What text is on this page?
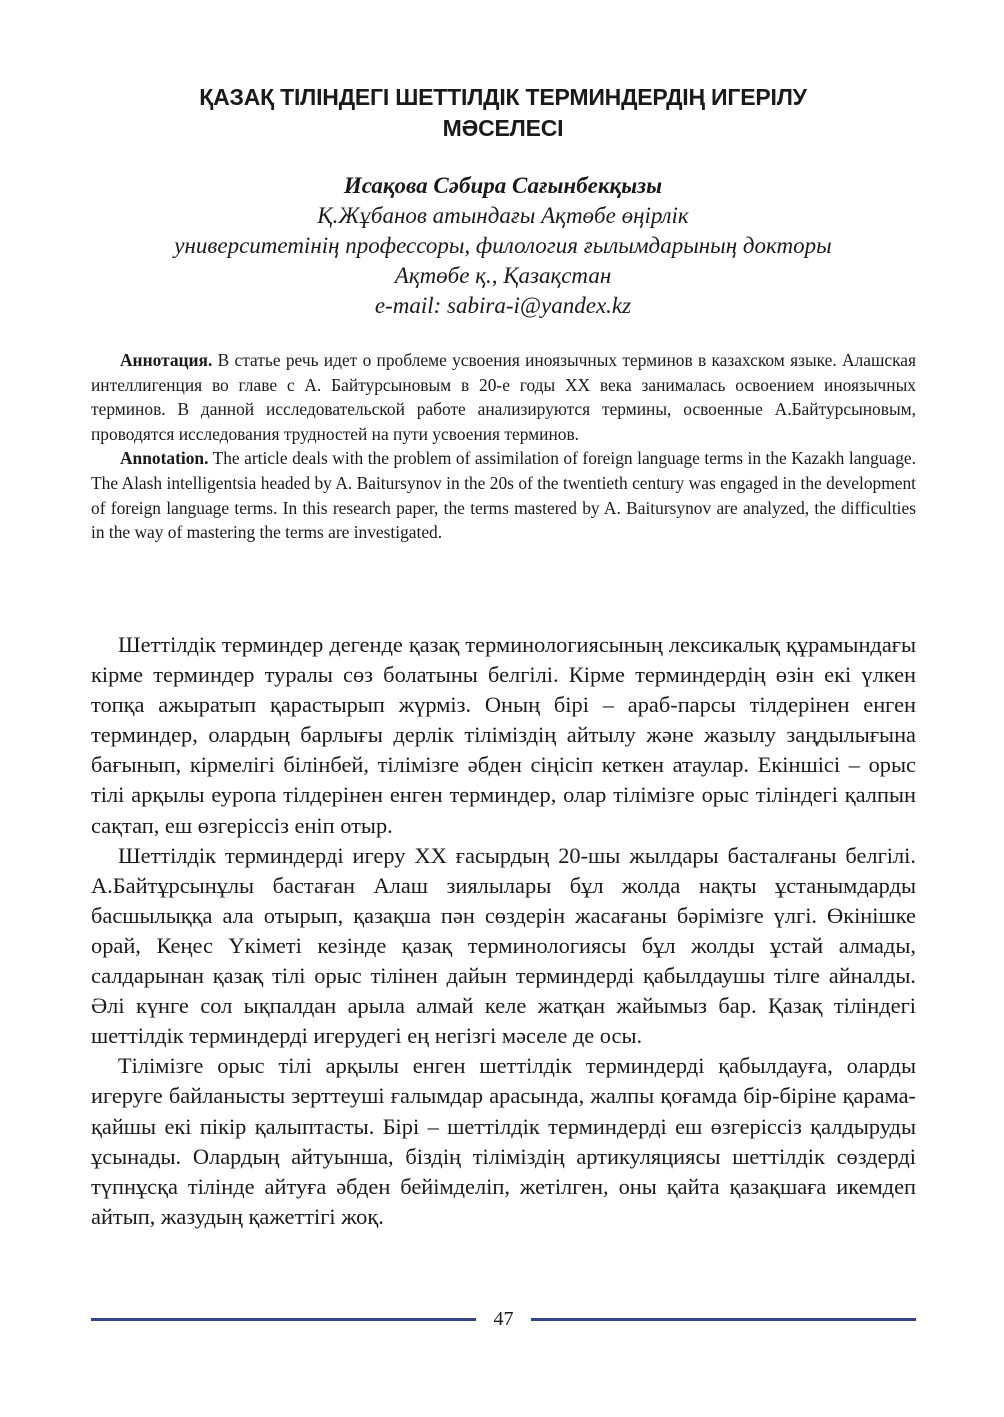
ҚАЗАҚ ТІЛІНДЕГІ ШЕТТІЛДІК ТЕРМИНДЕРДІҢ ИГЕРІЛУ
МӘСЕЛЕСІ
Исақова Сәбира Сағынбекқызы
Қ.Жұбанов атындағы Ақтөбе өңірлік
университетінің профессоры, филология ғылымдарының докторы
Ақтөбе қ., Қазақстан
e-mail: sabira-i@yandex.kz

Аннотация. В статье речь идет о проблеме усвоения иноязычных терминов в казахском языке. Алашская интеллигенция во главе с А. Байтурсыновым в 20-е годы ХХ века занималась освоением иноязычных терминов. В данной исследовательской работе анализируются термины, освоенные А.Байтурсыновым, проводятся исследования трудностей на пути усвоения терминов.

Annotation. The article deals with the problem of assimilation of foreign language terms in the Kazakh language. The Alash intelligentsia headed by A. Baitursynov in the 20s of the twentieth century was engaged in the development of foreign language terms. In this research paper, the terms mastered by A. Baitursynov are analyzed, the difficulties in the way of mastering the terms are investigated.

Шеттілдік терминдер дегенде қазақ терминологиясының лексикалық құрамындағы кірме терминдер туралы сөз болатыны белгілі. Кірме терминдердің өзін екі үлкен топқа ажыратып қарастырып жүрміз. Оның бірі – араб-парсы тілдерінен енген терминдер, олардың барлығы дерлік тіліміздің айтылу және жазылу заңдылығына бағынып, кірмелігі білінбей, тілімізге әбден сіңісіп кеткен атаулар. Екіншісі – орыс тілі арқылы еуропа тілдерінен енген терминдер, олар тілімізге орыс тіліндегі қалпын сақтап, еш өзгеріссіз еніп отыр.

Шеттілдік терминдерді игеру ХХ ғасырдың 20-шы жылдары басталғаны белгілі. А.Байтұрсынұлы бастаған Алаш зиялылары бұл жолда нақты ұстанымдарды басшылыққа ала отырып, қазақша пән сөздерін жасағаны бәрімізге үлгі. Өкінішке орай, Кеңес Үкіметі кезінде қазақ терминологиясы бұл жолды ұстай алмады, салдарынан қазақ тілі орыс тілінен дайын терминдерді қабылдаушы тілге айналды. Әлі күнге сол ықпалдан арыла алмай келе жатқан жайымыз бар. Қазақ тіліндегі шеттілдік терминдерді игерудегі ең негізгі мәселе де осы.

Тілімізге орыс тілі арқылы енген шеттілдік терминдерді қабылдауға, оларды игеруге байланысты зерттеуші ғалымдар арасында, жалпы қоғамда бір-біріне қарама-қайшы екі пікір қалыптасты. Бірі – шеттілдік терминдерді еш өзгеріссіз қалдыруды ұсынады. Олардың айтуынша, біздің тіліміздің артикуляциясы шеттілдік сөздерді түпнұсқа тілінде айтуға әбден бейімделіп, жетілген, оны қайта қазақшаға икемдеп айтып, жазудың қажеттігі жоқ.

47
